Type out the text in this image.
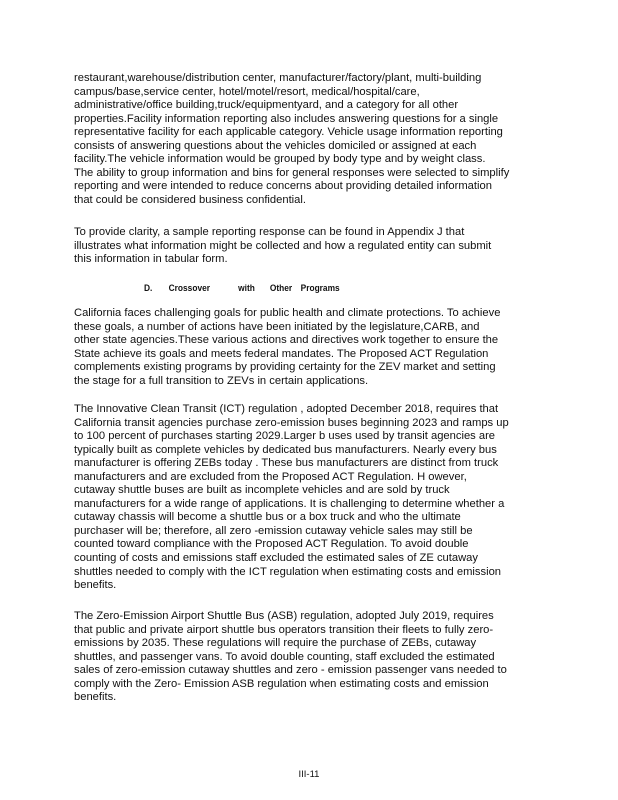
restaurant,warehouse/distribution center, manufacturer/factory/plant, multi-building
campus/base,service center, hotel/motel/resort, medical/hospital/care,
administrative/office building,truck/equipmentyard, and a category for all other
properties.Facility information reporting also includes answering questions for a single
representative facility for each applicable category. Vehicle usage information reporting
consists of answering questions about the vehicles domiciled or assigned at each
facility.The vehicle information would be grouped by body type and by weight class.
The ability to group information and bins for general responses were selected to simplify
reporting and were intended to reduce concerns about providing detailed information
that could be considered business confidential.

To provide clarity, a sample reporting response can be found in Appendix J that
illustrates what information might be collected and how a regulated entity can submit
this information in tabular form.

D. Crossover	with Other Programs

California faces challenging goals for public health and climate protections. To achieve
these goals, a number of actions have been initiated by the legislature,CARB, and
other state agencies.These various actions and directives work together to ensure the
State achieve its goals and meets federal mandates. The Proposed ACT Regulation
complements existing programs by providing certainty for the ZEV market and setting
the stage for a full transition to ZEVs in certain applications.

The Innovative Clean Transit (ICT) regulation , adopted December 2018, requires that
California transit agencies purchase zero-emission buses beginning 2023 and ramps up
to 100 percent of purchases starting 2029.Larger b uses used by transit agencies are
typically built as complete vehicles by dedicated bus manufacturers. Nearly every bus
manufacturer is offering ZEBs today . These bus manufacturers are distinct from truck
manufacturers and are excluded from the Proposed ACT Regulation. H owever,
cutaway shuttle buses are built as incomplete vehicles and are sold by truck
manufacturers for a wide range of applications. It is challenging to determine whether a
cutaway chassis will become a shuttle bus or a box truck and who the ultimate
purchaser will be; therefore, all zero -emission cutaway vehicle sales may still be
counted toward compliance with the Proposed ACT Regulation. To avoid double
counting of costs and emissions staff excluded the estimated sales of ZE cutaway
shuttles needed to comply with the ICT regulation when estimating costs and emission
benefits.

The Zero-Emission Airport Shuttle Bus (ASB) regulation, adopted July 2019, requires
that public and private airport shuttle bus operators transition their fleets to fully zero-
emissions by 2035. These regulations will require the purchase of ZEBs, cutaway
shuttles, and passenger vans. To avoid double counting, staff excluded the estimated
sales of zero-emission cutaway shuttles and zero - emission passenger vans needed to
comply with the Zero- Emission ASB regulation when estimating costs and emission
benefits.

III-11
